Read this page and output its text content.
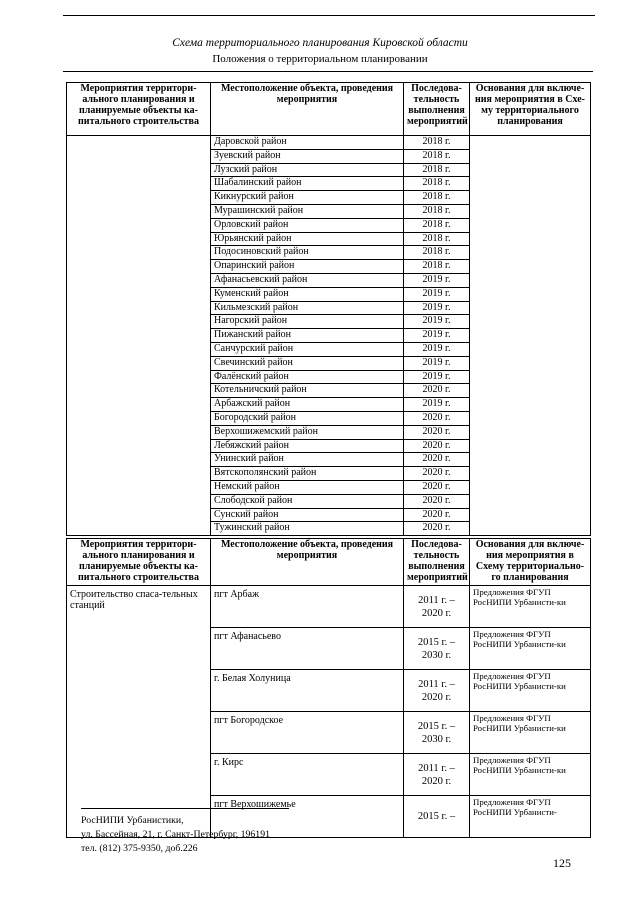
Схема территориального планирования Кировской области
Положения о территориальном планировании
Мероприятия территори-ального планирования и планируемые объекты ка-питального строительства	Местоположение объекта, проведения мероприятия	Последова-тельность выполнения мероприятий	Основания для включе-ния мероприятия в Схе-му территориального планирования
	Даровской район	2018 г.	
	Зуевский район	2018 г.	
	Лузский район	2018 г.	
	Шабалинский район	2018 г.	
	Кикнурский район	2018 г.	
	Мурашинский район	2018 г.	
	Орловский район	2018 г.	
	Юрьянский район	2018 г.	
	Подосиновский район	2018 г.	
	Опаринский район	2018 г.	
	Афанасьевский район	2019 г.	
	Куменский район	2019 г.	
	Кильмезский район	2019 г.	
	Нагорский район	2019 г.	
	Пижанский район	2019 г.	
	Санчурский район	2019 г.	
	Свечинский район	2019 г.	
	Фалёнский район	2019 г.	
	Котельничский район	2020 г.	
	Арбажский район	2019 г.	
	Богородский район	2020 г.	
	Верхошижемский район	2020 г.	
	Лебяжский район	2020 г.	
	Унинский район	2020 г.	
	Вятскополянский район	2020 г.	
	Немский район	2020 г.	
	Слободской район	2020 г.	
	Сунский район	2020 г.	
	Тужинский район	2020 г.	
Мероприятия территори-ального планирования и планируемые объекты ка-питального строительства	Местоположение объекта, проведения мероприятия	Последова-тельность выполнения мероприятий	Основания для включе-ния мероприятия в Схему территориально-го планирования
Строительство спаса-тельных станций	пгт Арбаж	2011 г. – 2020 г.	Предложения ФГУП РосНИПИ Урбанисти-ки
	пгт Афанасьево	2015 г. – 2030 г.	Предложения ФГУП РосНИПИ Урбанисти-ки
	г. Белая Холуница	2011 г. – 2020 г.	Предложения ФГУП РосНИПИ Урбанисти-ки
	пгт Богородское	2015 г. – 2030 г.	Предложения ФГУП РосНИПИ Урбанисти-ки
	г. Кирс	2011 г. – 2020 г.	Предложения ФГУП РосНИПИ Урбанисти-ки
	пгт Верхошижемье	2015 г. –	Предложения ФГУП РосНИПИ Урбанисти-
РосНИПИ Урбанистики,
ул. Бассейная, 21, г. Санкт-Петербург, 196191
тел. (812) 375-9350, доб.226
125
